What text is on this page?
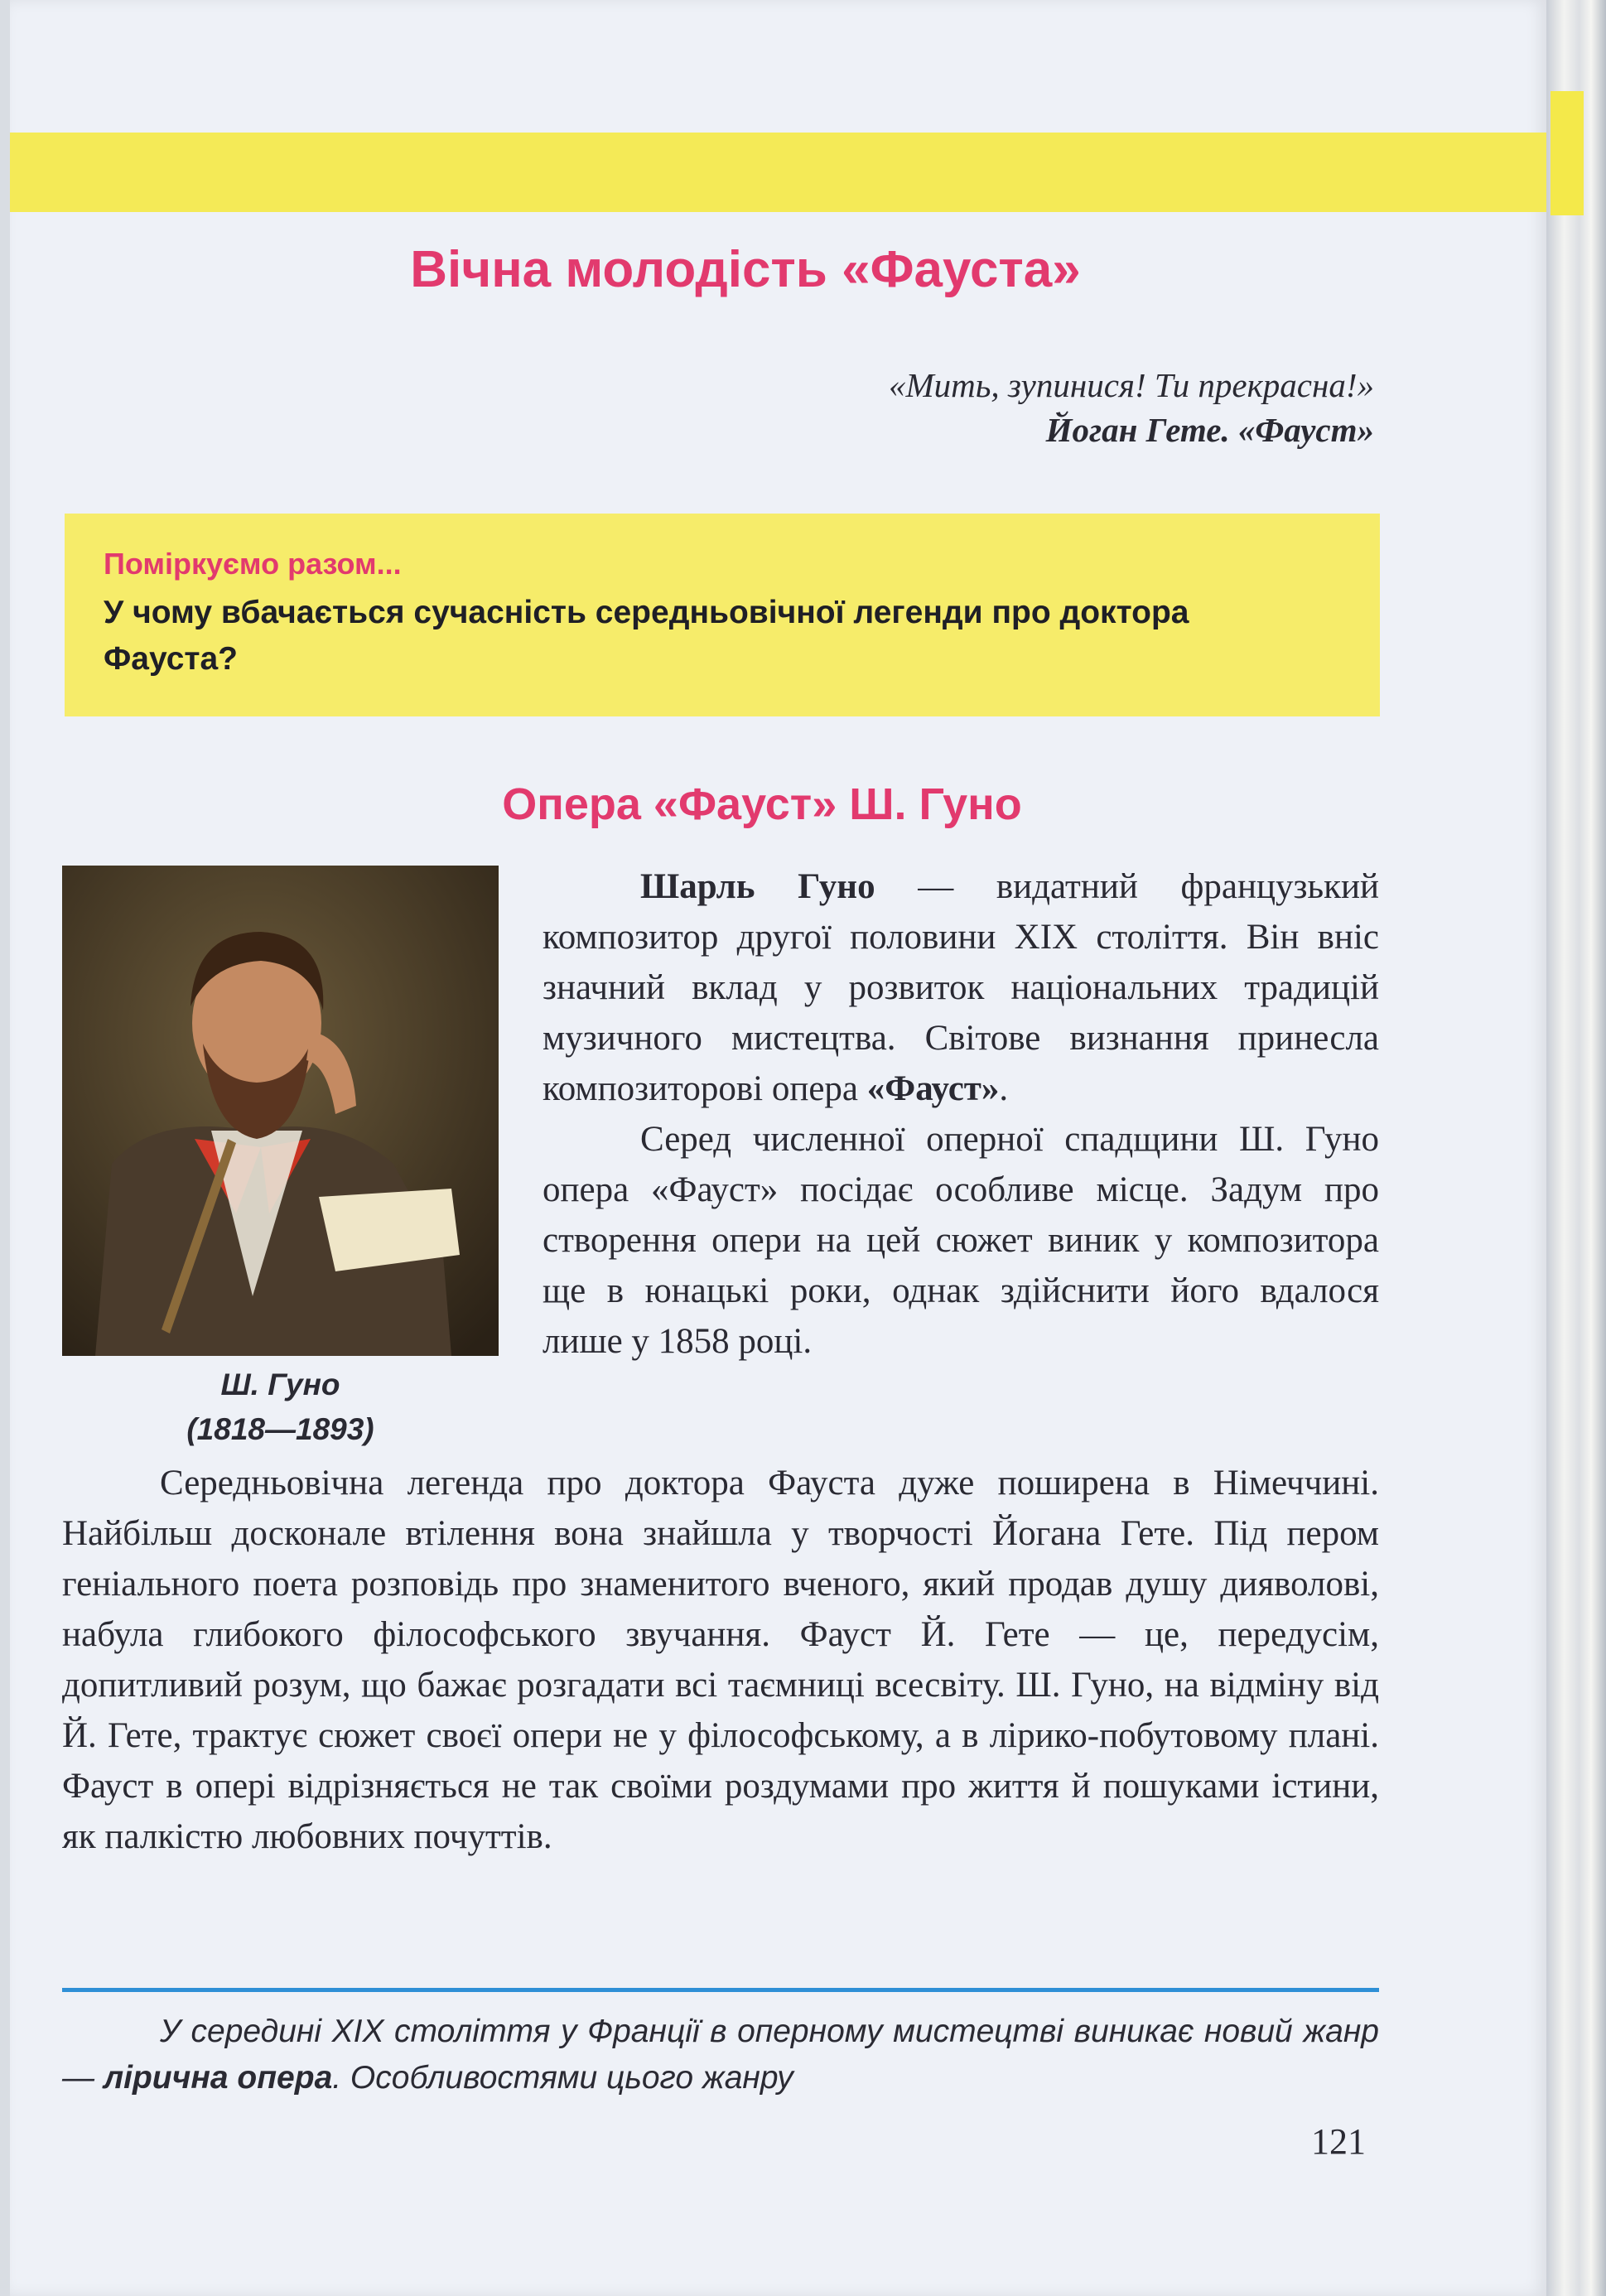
Вічна молодість «Фауста»
«Мить, зупинися! Ти прекрасна!»
Йоган Гете. «Фауст»
Поміркуємо разом...
У чому вбачається сучасність середньовічної легенди про доктора Фауста?
Опера «Фауст» Ш. Гуно
Ш. Гуно
(1818—1893)

Шарль Гуно — видатний французький композитор другої половини XIX століття. Він вніс значний вклад у розвиток національних традицій музичного мистецтва. Світове визнання принесла композиторові опера «Фауст».

Серед численної оперної спадщини Ш. Гуно опера «Фауст» посідає особливе місце. Задум про створення опери на цей сюжет виник у композитора ще в юнацькі роки, однак здійснити його вдалося лише у 1858 році.

Середньовічна легенда про доктора Фауста дуже поширена в Німеччині. Найбільш досконале втілення вона знайшла у творчості Йогана Гете. Під пером геніального поета розповідь про знаменитого вченого, який продав душу дияволові, набула глибокого філософського звучання. Фауст Й. Гете — це, передусім, допитливий розум, що бажає розгадати всі таємниці всесвіту. Ш. Гуно, на відміну від Й. Гете, трактує сюжет своєї опери не у філософському, а в лірико-побутовому плані. Фауст в опері відрізняється не так своїми роздумами про життя й пошуками істини, як палкістю любовних почуттів.

У середині XIX століття у Франції в оперному мистецтві виникає новий жанр — лірична опера. Особливостями цього жанру
121
